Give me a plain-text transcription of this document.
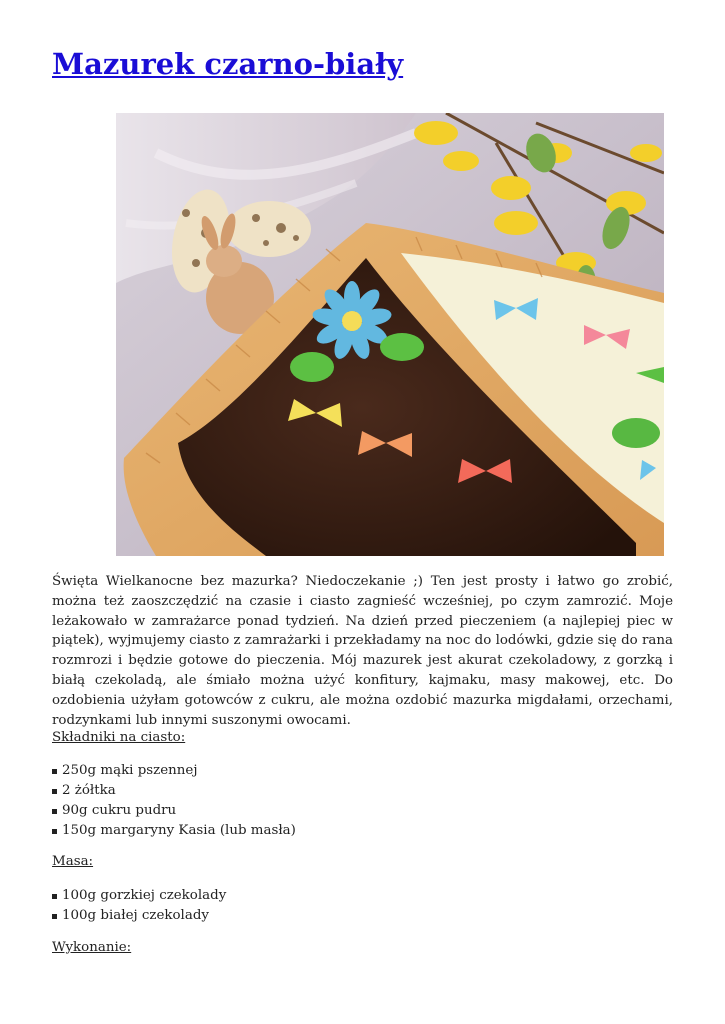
Mazurek czarno-biały

Święta Wielkanocne bez mazurka? Niedoczekanie ;) Ten jest prosty i łatwo go zrobić, można też zaoszczędzić na czasie i ciasto zagnieść wcześniej, po czym zamrozić. Moje leżakowało w zamrażarce ponad tydzień. Na dzień przed pieczeniem (a najlepiej piec w piątek), wyjmujemy ciasto z zamrażarki i przekładamy na noc do lodówki, gdzie się do rana rozmrozi i będzie gotowe do pieczenia. Mój mazurek jest akurat czekoladowy, z gorzką i białą czekoladą, ale śmiało można użyć konfitury, kajmaku, masy makowej, etc. Do ozdobienia użyłam gotowców z cukru, ale można ozdobić mazurka migdałami, orzechami, rodzynkami lub innymi suszonymi owocami.

Składniki na ciasto:

250g mąki pszennej
2 żółtka
90g cukru pudru
150g margaryny Kasia (lub masła)

Masa:

100g gorzkiej czekolady
100g białej czekolady

Wykonanie:
